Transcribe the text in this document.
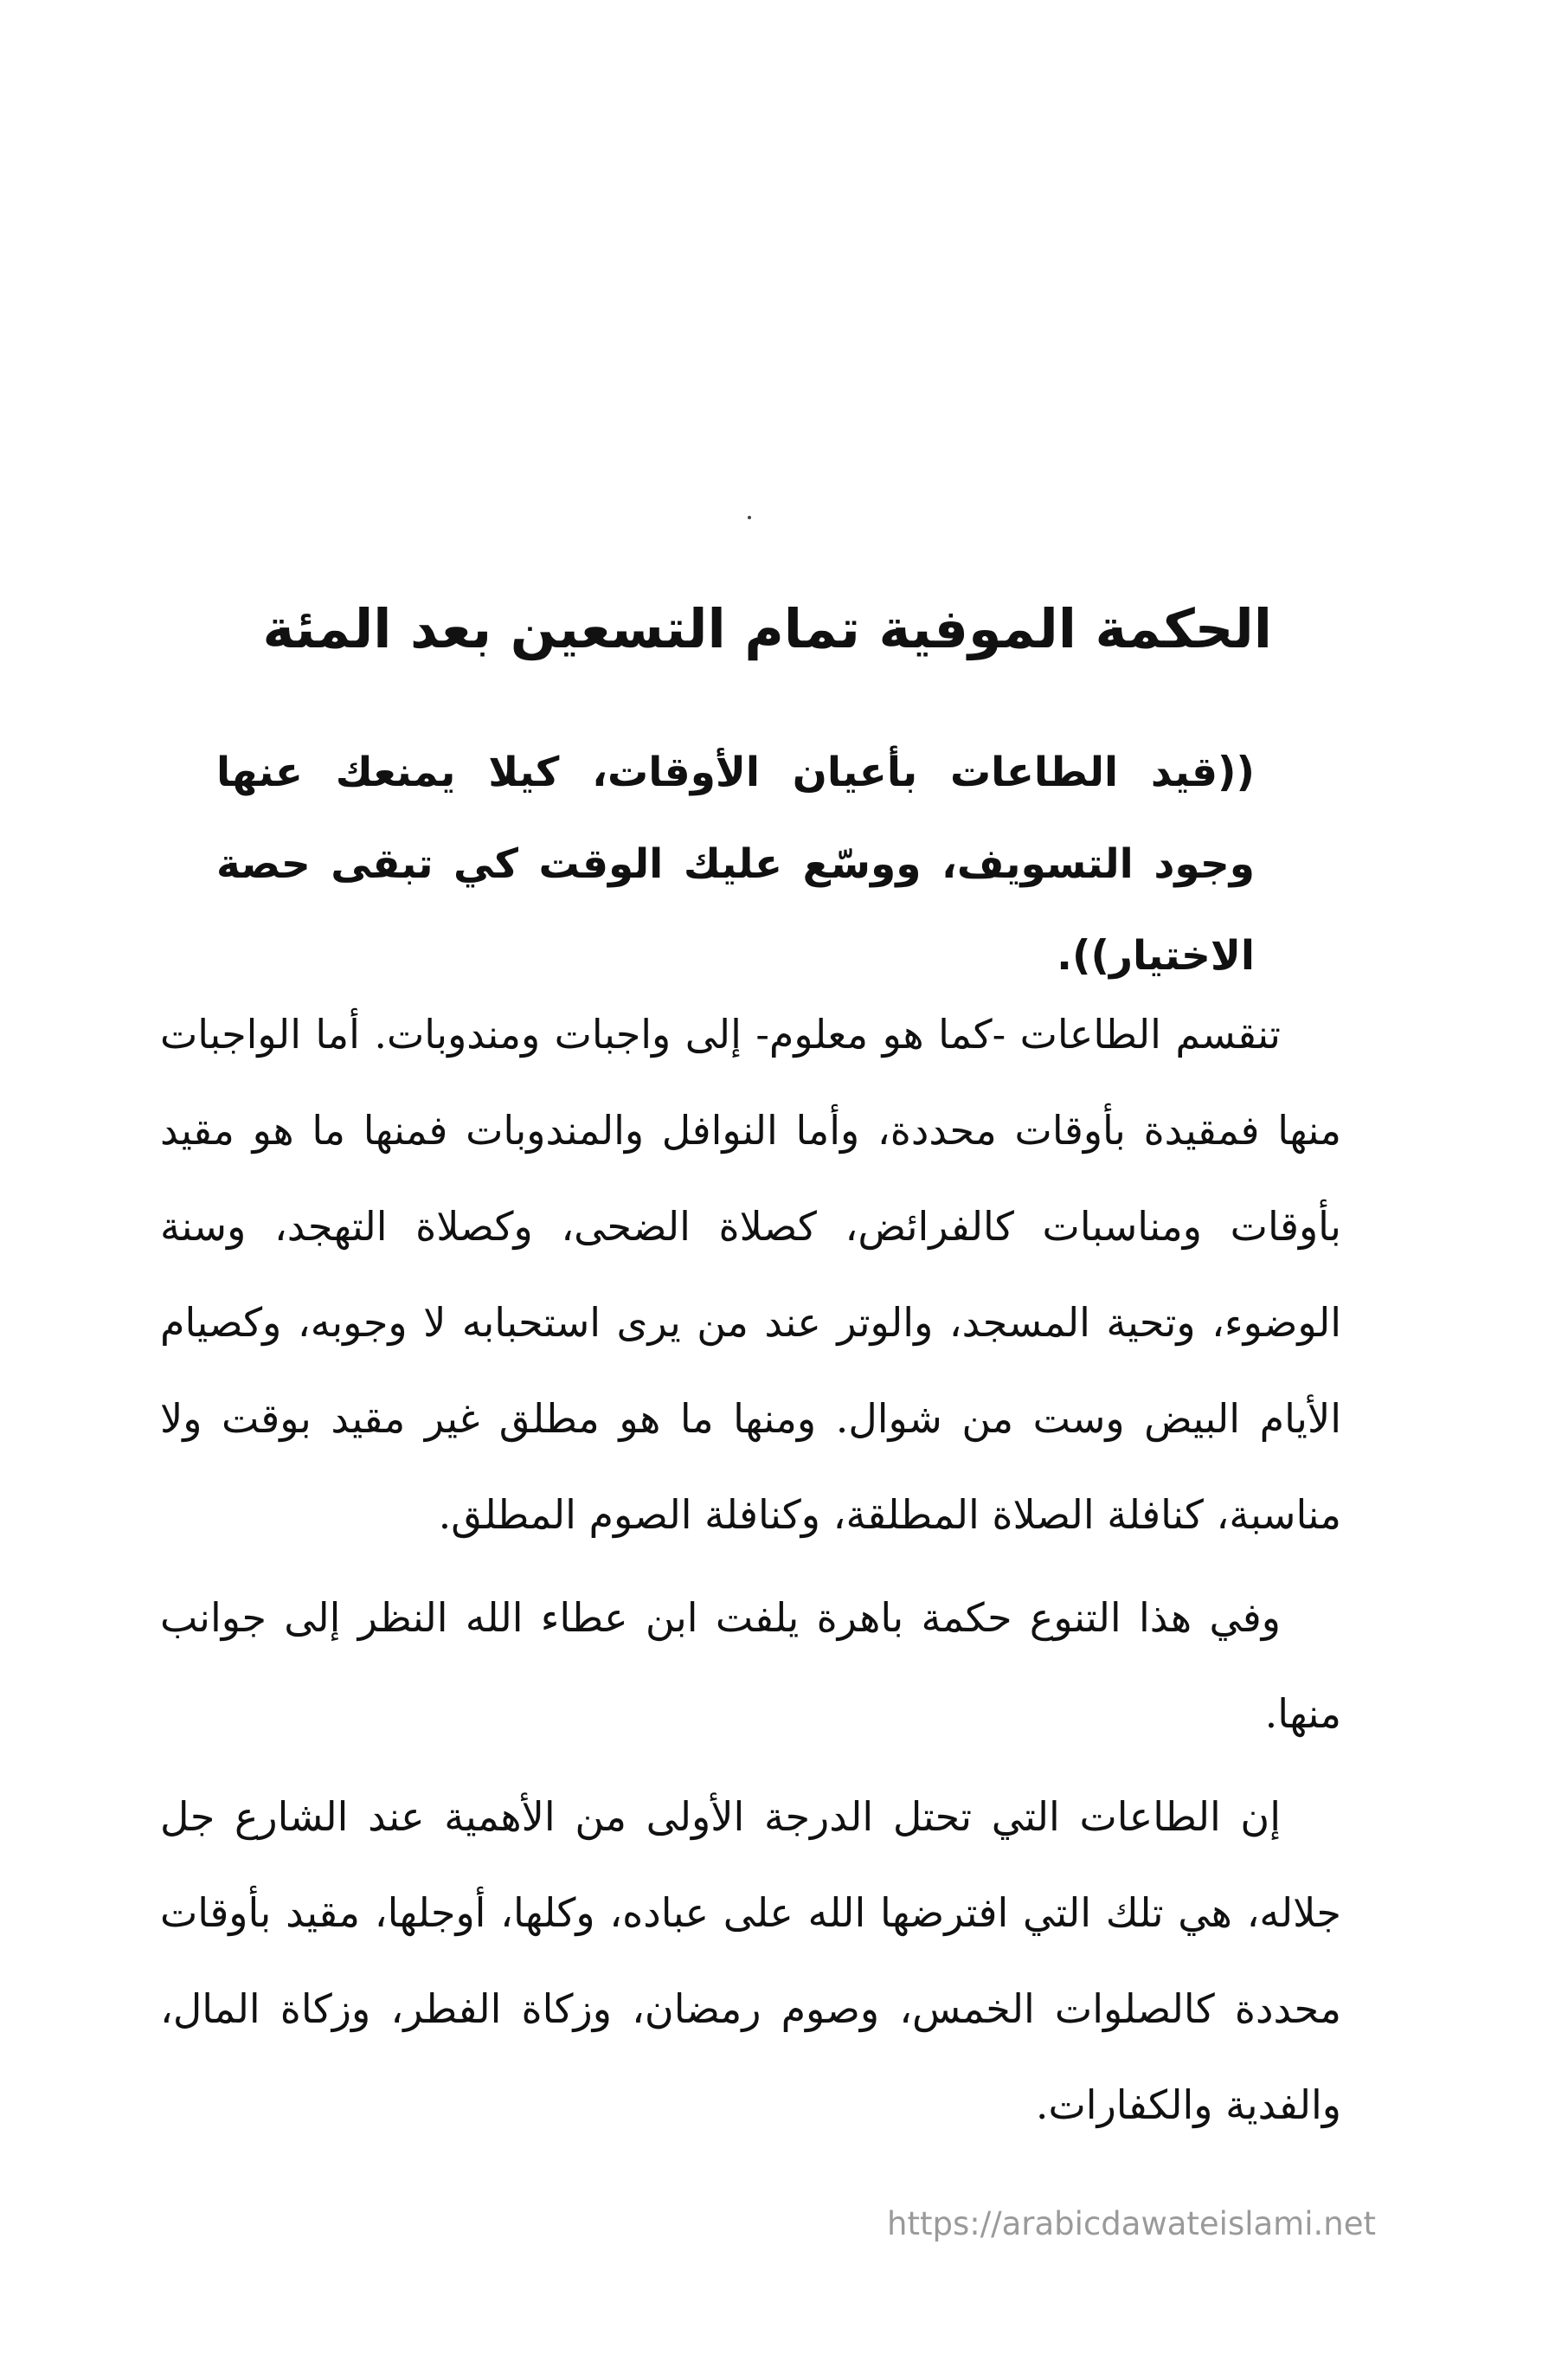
الحكمة الموفية تمام التسعين بعد المئة
((قيد الطاعات بأعيان الأوقات، كيلا يمنعك عنها وجود التسويف، ووسّع عليك الوقت كي تبقى حصة الاختيار)).

تنقسم الطاعات -كما هو معلوم- إلى واجبات ومندوبات. أما الواجبات منها فمقيدة بأوقات محددة، وأما النوافل والمندوبات فمنها ما هو مقيد بأوقات ومناسبات كالفرائض، كصلاة الضحى، وكصلاة التهجد، وسنة الوضوء، وتحية المسجد، والوتر عند من يرى استحبابه لا وجوبه، وكصيام الأيام البيض وست من شوال. ومنها ما هو مطلق غير مقيد بوقت ولا مناسبة، كنافلة الصلاة المطلقة، وكنافلة الصوم المطلق.

وفي هذا التنوع حكمة باهرة يلفت ابن عطاء الله النظر إلى جوانب منها.

إن الطاعات التي تحتل الدرجة الأولى من الأهمية عند الشارع جل جلاله، هي تلك التي افترضها الله على عباده، وكلها، أوجلها، مقيد بأوقات محددة كالصلوات الخمس، وصوم رمضان، وزكاة الفطر، وزكاة المال، والفدية والكفارات.

https://arabicdawateislami.net
